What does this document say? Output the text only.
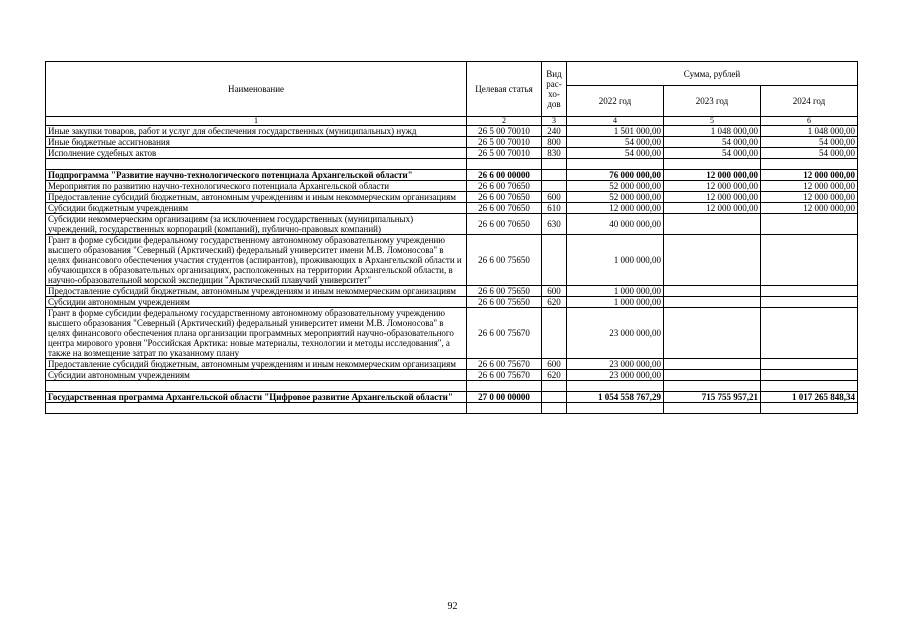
Наименование	Целевая статья	Вид рас-хо-дов	Сумма, рублей		
			2022 год	2023 год	2024 год
1	2	3	4	5	6
Иные закупки товаров, работ и услуг для обеспечения государственных (муниципальных) нужд	26 5 00 70010	240	1 501 000,00	1 048 000,00	1 048 000,00
Иные бюджетные ассигнования	26 5 00 70010	800	54 000,00	54 000,00	54 000,00
Исполнение судебных актов	26 5 00 70010	830	54 000,00	54 000,00	54 000,00

Подпрограмма "Развитие научно-технологического потенциала Архангельской области"	26 6 00 00000		76 000 000,00	12 000 000,00	12 000 000,00
Мероприятия по развитию научно-технологического потенциала Архангельской области	26 6 00 70650		52 000 000,00	12 000 000,00	12 000 000,00
Предоставление субсидий бюджетным, автономным учреждениям и иным некоммерческим организациям	26 6 00 70650	600	52 000 000,00	12 000 000,00	12 000 000,00
Субсидии бюджетным учреждениям	26 6 00 70650	610	12 000 000,00	12 000 000,00	12 000 000,00
Субсидии некоммерческим организациям (за исключением государственных (муниципальных) учреждений, государственных корпораций (компаний), публично-правовых компаний)	26 6 00 70650	630	40 000 000,00		
Грант в форме субсидии федеральному государственному автономному образовательному учреждению высшего образования "Северный (Арктический) федеральный университет имени М.В. Ломоносова" в целях финансового обеспечения участия студентов (аспирантов), проживающих в Архангельской области и обучающихся в образовательных организациях, расположенных на территории Архангельской области, в научно-образовательной морской экспедиции "Арктический плавучий университет"	26 6 00 75650		1 000 000,00		
Предоставление субсидий бюджетным, автономным учреждениям и иным некоммерческим организациям	26 6 00 75650	600	1 000 000,00		
Субсидии автономным учреждениям	26 6 00 75650	620	1 000 000,00		
Грант в форме субсидии федеральному государственному автономному образовательному учреждению высшего образования "Северный (Арктический) федеральный университет имени М.В. Ломоносова" в целях финансового обеспечения плана организации программных мероприятий научно-образовательного центра мирового уровня "Российская Арктика: новые материалы, технологии и методы исследования", а также на возмещение затрат по указанному плану	26 6 00 75670		23 000 000,00		
Предоставление субсидий бюджетным, автономным учреждениям и иным некоммерческим организациям	26 6 00 75670	600	23 000 000,00		
Субсидии автономным учреждениям	26 6 00 75670	620	23 000 000,00		

Государственная программа Архангельской области "Цифровое развитие Архангельской области"	27 0 00 00000		1 054 558 767,29	715 755 957,21	1 017 265 848,34

92
